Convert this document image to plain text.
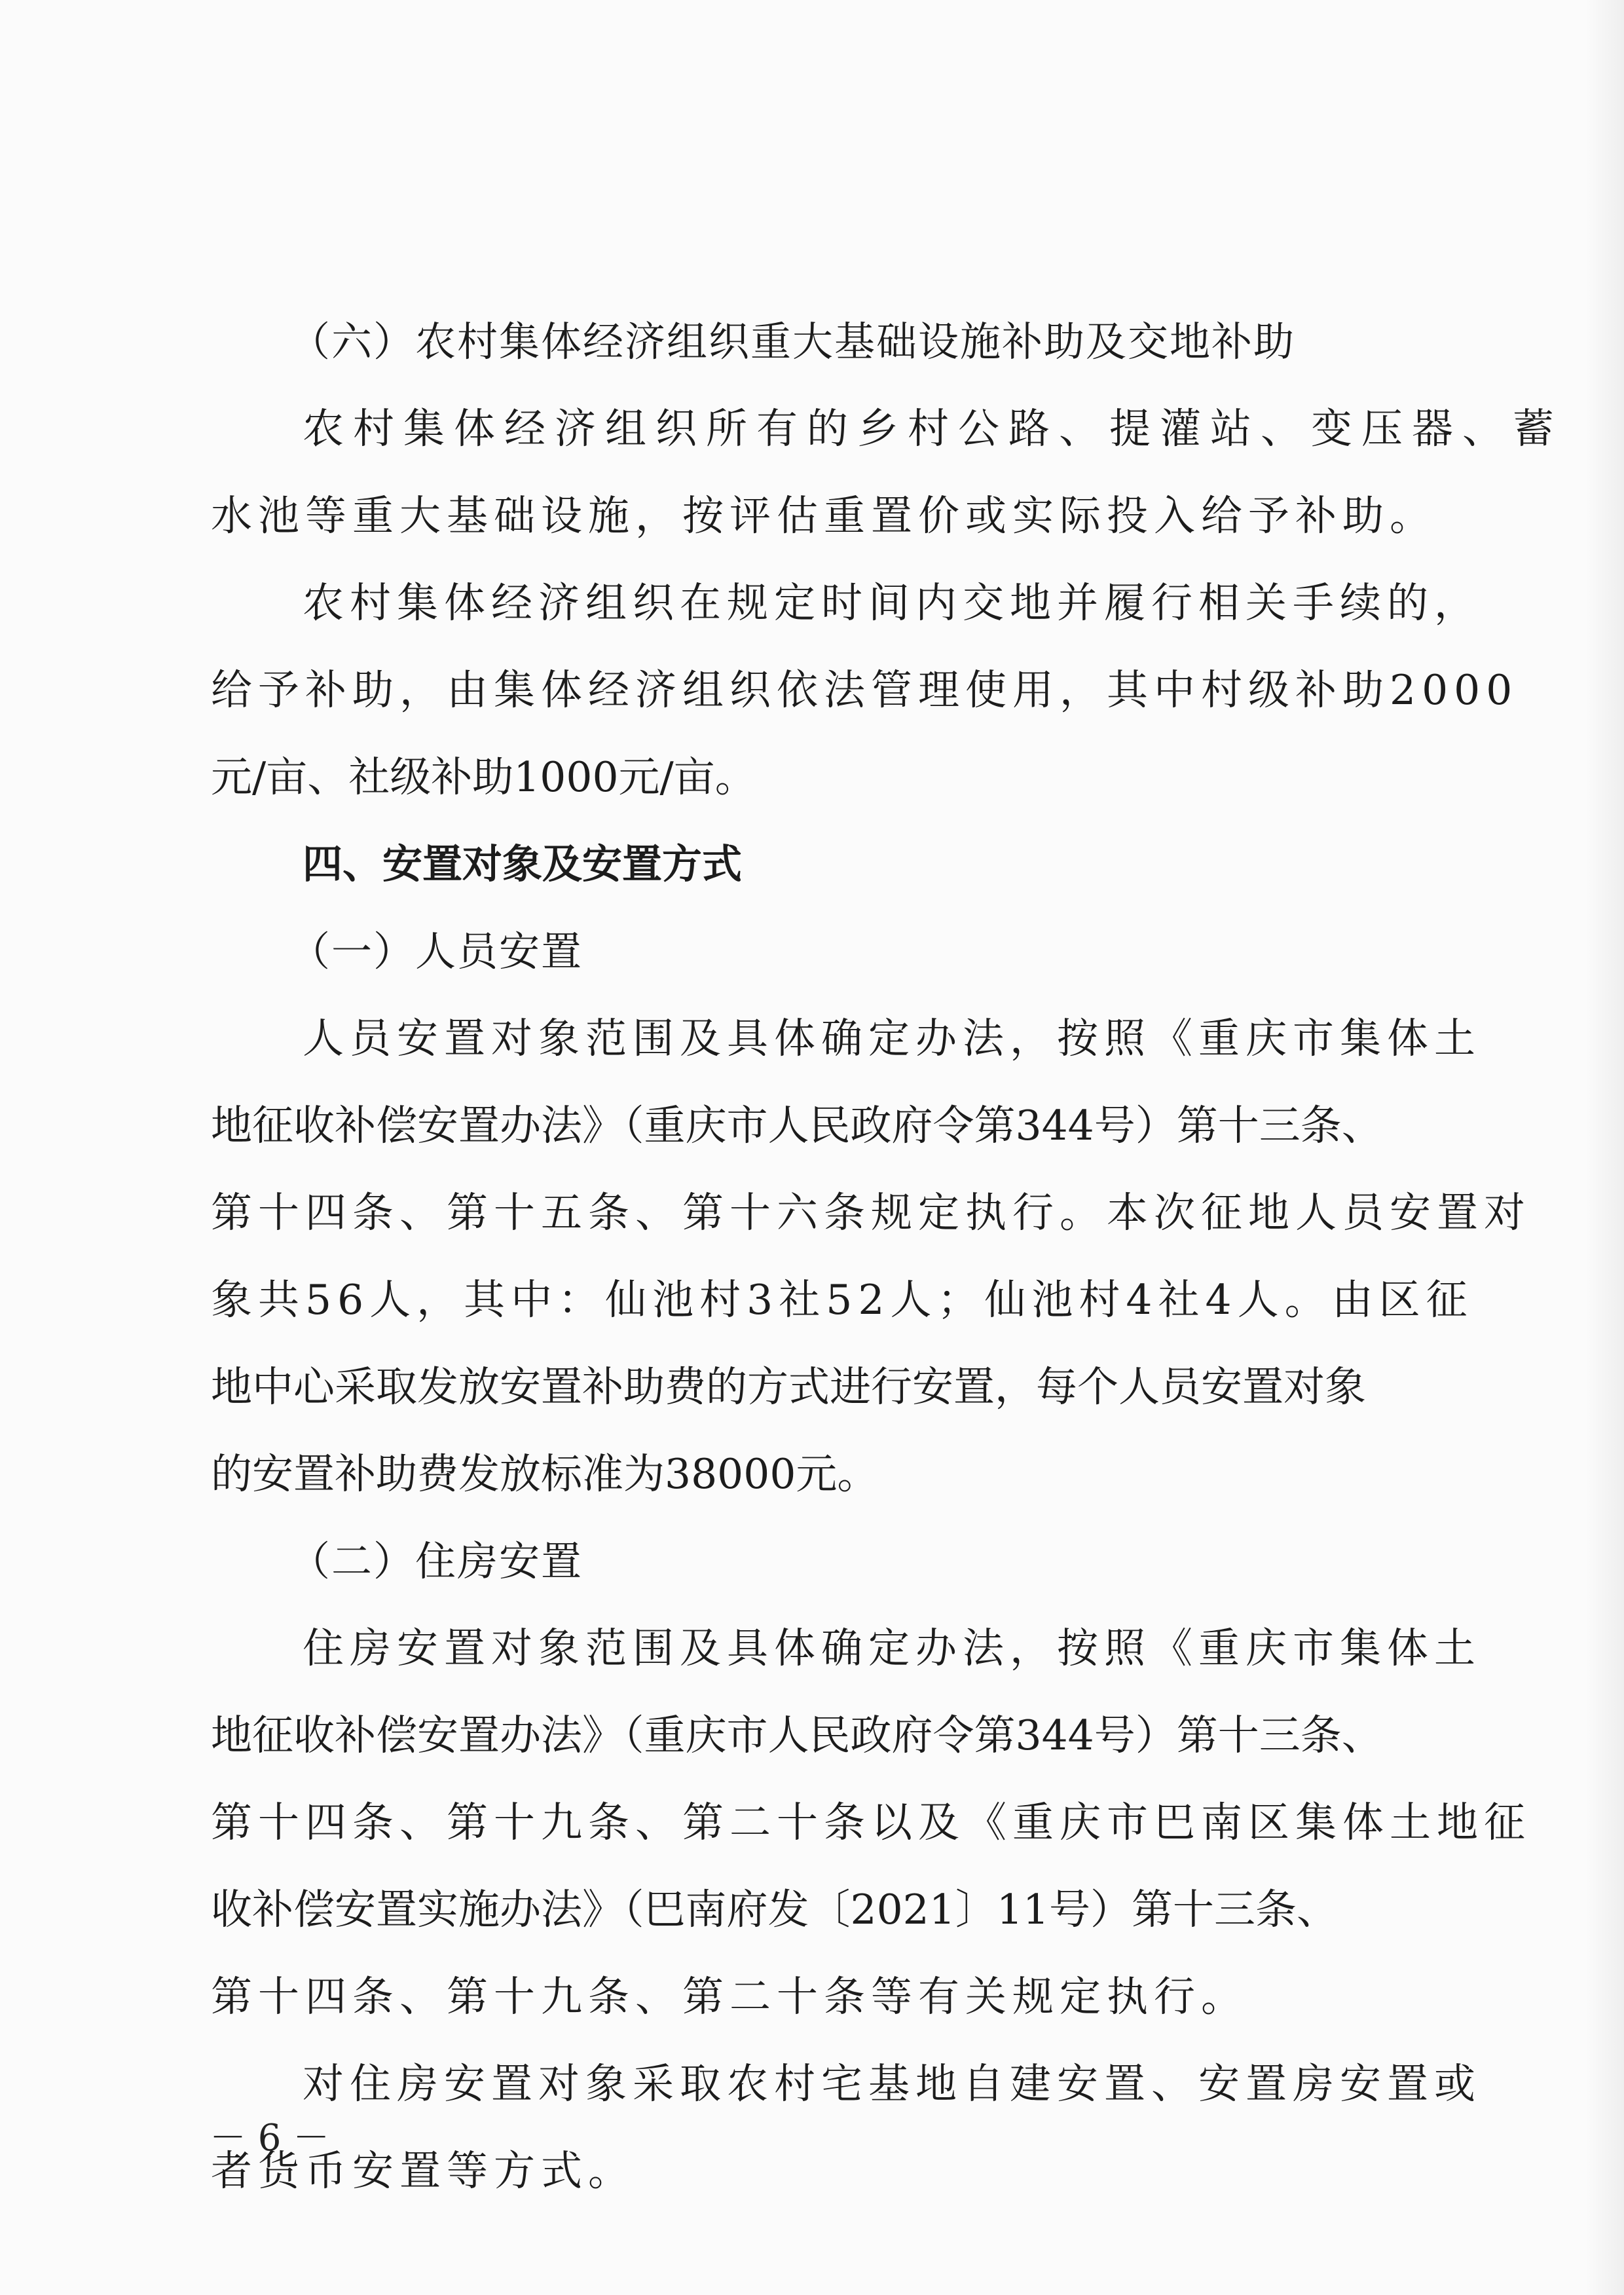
（六）农村集体经济组织重大基础设施补助及交地补助
农村集体经济组织所有的乡村公路、提灌站、变压器、蓄
水池等重大基础设施，按评估重置价或实际投入给予补助。
农村集体经济组织在规定时间内交地并履行相关手续的，
给予补助，由集体经济组织依法管理使用，其中村级补助2000
元/亩、社级补助1000元/亩。
四、安置对象及安置方式
（一）人员安置
人员安置对象范围及具体确定办法，按照《重庆市集体土
地征收补偿安置办法》（重庆市人民政府令第344号）第十三条、
第十四条、第十五条、第十六条规定执行。本次征地人员安置对
象共56人，其中：仙池村3社52人；仙池村4社4人。由区征
地中心采取发放安置补助费的方式进行安置，每个人员安置对象
的安置补助费发放标准为38000元。
（二）住房安置
住房安置对象范围及具体确定办法，按照《重庆市集体土
地征收补偿安置办法》（重庆市人民政府令第344号）第十三条、
第十四条、第十九条、第二十条以及《重庆市巴南区集体土地征
收补偿安置实施办法》（巴南府发〔2021〕11号）第十三条、
第十四条、第十九条、第二十条等有关规定执行。
对住房安置对象采取农村宅基地自建安置、安置房安置或
者货币安置等方式。
－ 6 －
